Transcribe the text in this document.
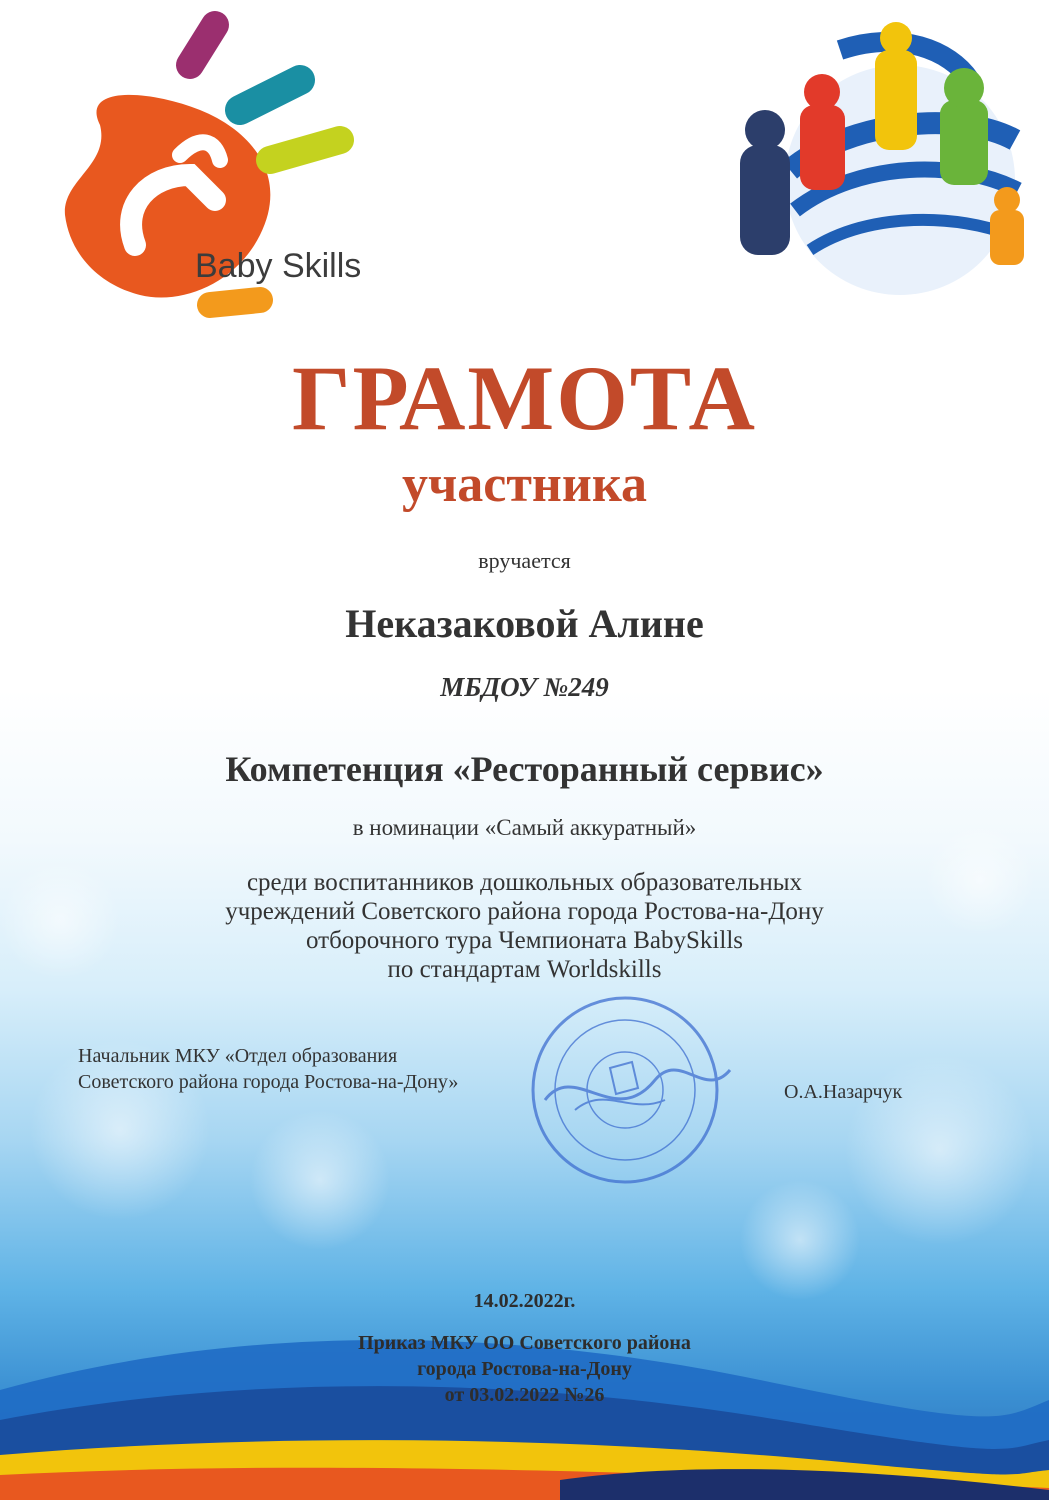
Baby Skills
ГРАМОТА
участника
вручается
Неказаковой Алине
МБДОУ №249
Компетенция «Ресторанный сервис»
в номинации «Самый аккуратный»
среди воспитанников дошкольных образовательных
учреждений Советского района города Ростова-на-Дону
отборочного тура Чемпионата BabySkills
по стандартам Worldskills
Начальник МКУ «Отдел образования
Советского района города Ростова-на-Дону»	О.А.Назарчук
14.02.2022г.
Приказ МКУ ОО Советского района
города Ростова-на-Дону
от 03.02.2022 №26
